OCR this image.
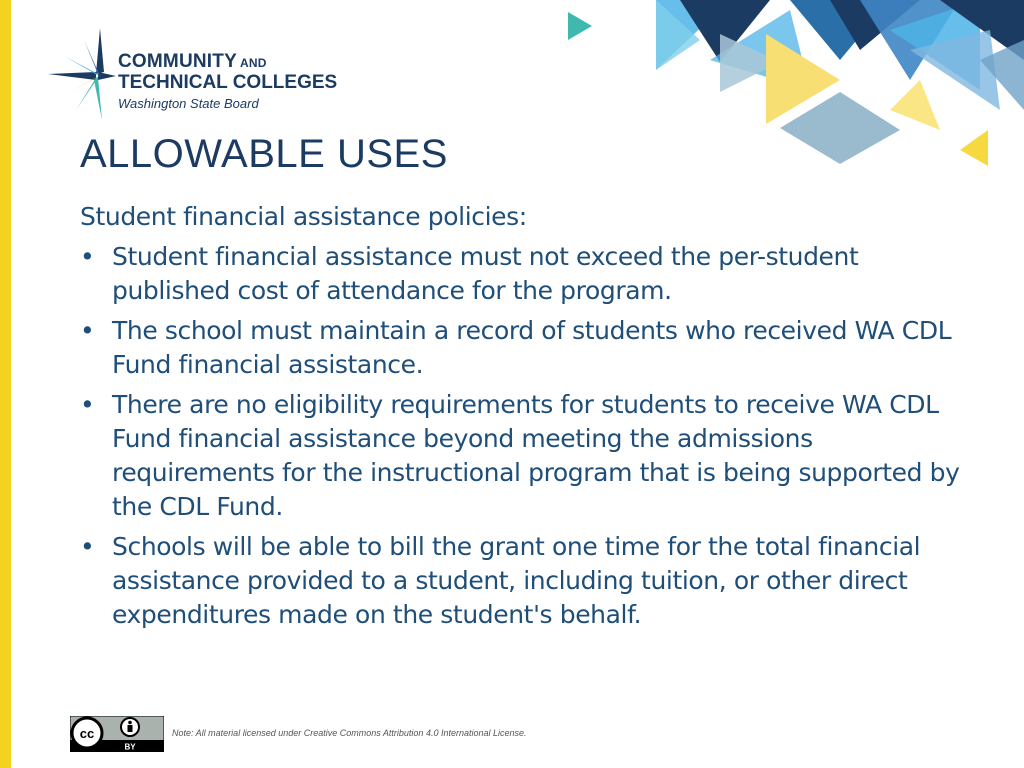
COMMUNITY AND
TECHNICAL COLLEGES
Washington State Board
ALLOWABLE USES

Student financial assistance policies:

• Student financial assistance must not exceed the per-student published cost of attendance for the program.
• The school must maintain a record of students who received WA CDL Fund financial assistance.
• There are no eligibility requirements for students to receive WA CDL Fund financial assistance beyond meeting the admissions requirements for the instructional program that is being supported by the CDL Fund.
• Schools will be able to bill the grant one time for the total financial assistance provided to a student, including tuition, or other direct expenditures made on the student's behalf.
cc
BY
Note: All material licensed under Creative Commons Attribution 4.0 International License.
